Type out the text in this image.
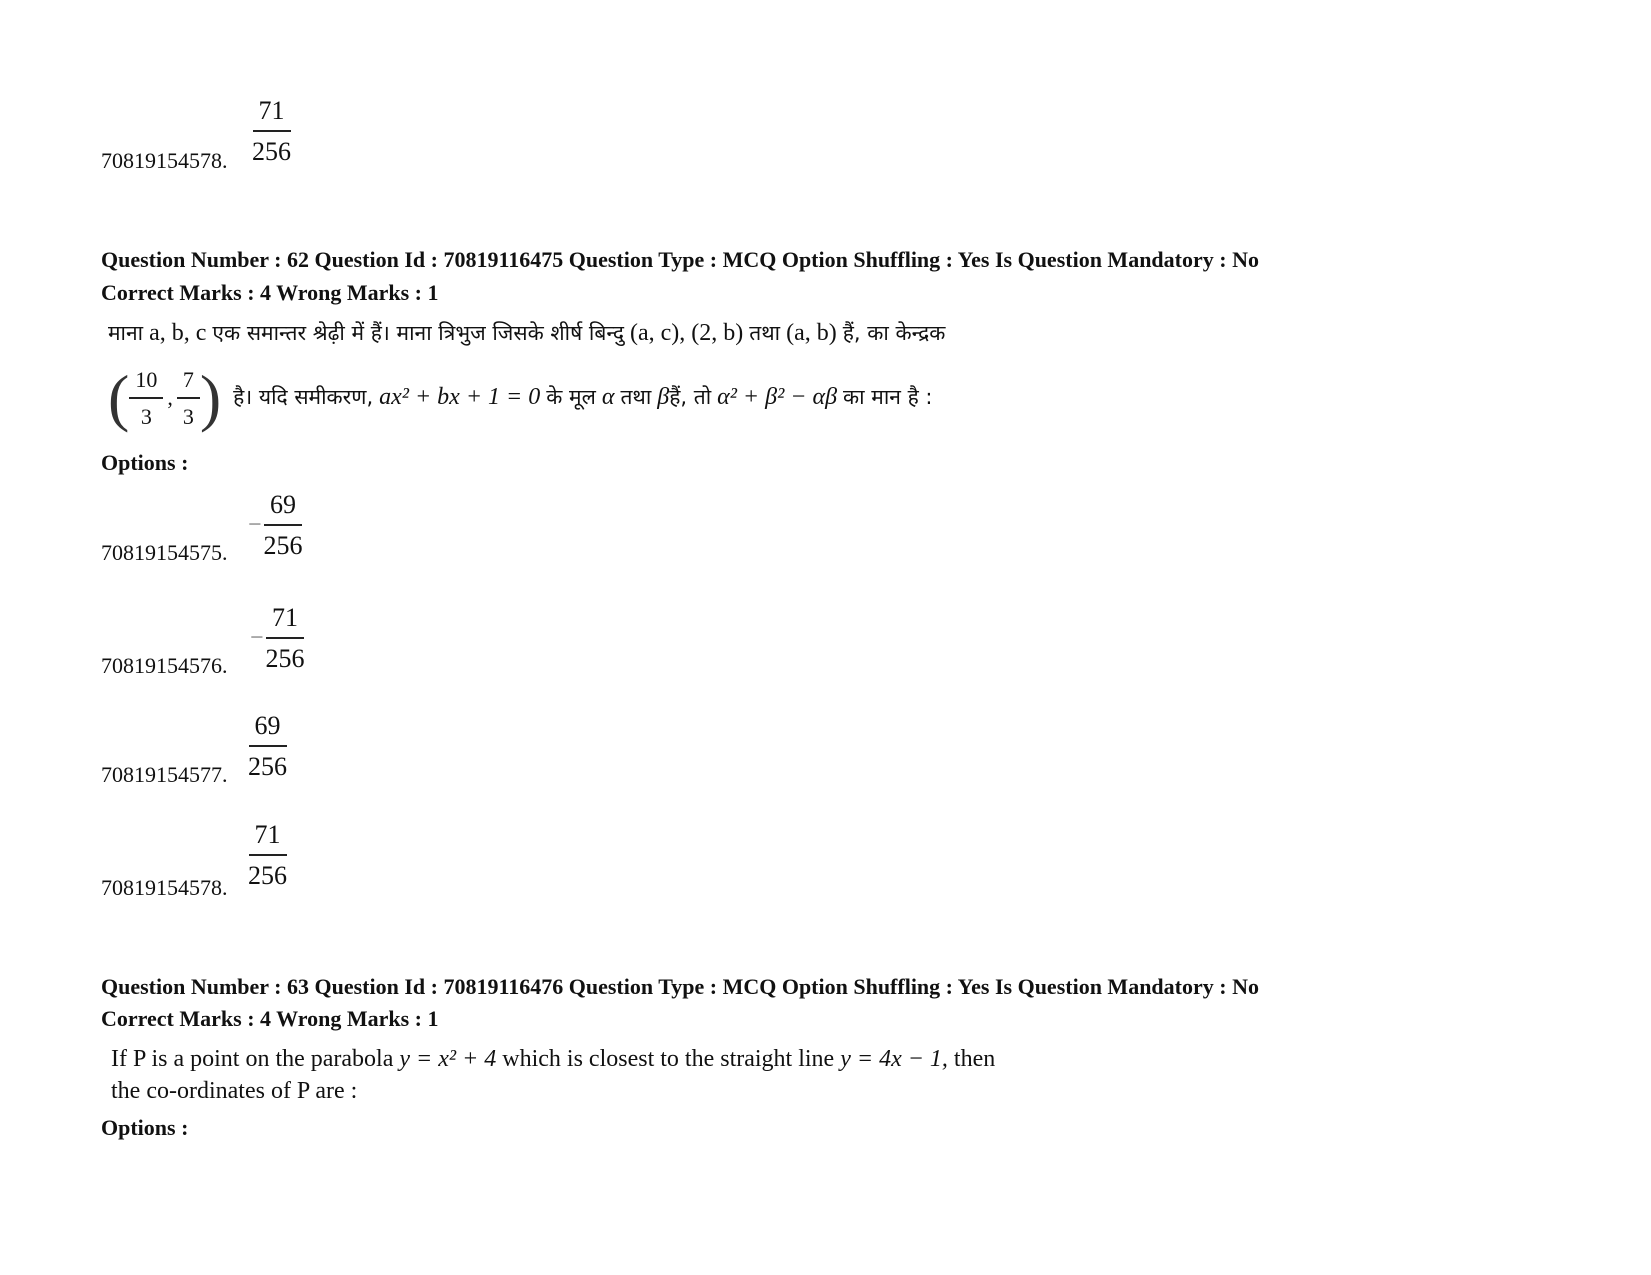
$\frac{71}{256}$
70819154578.
Question Number : 62 Question Id : 70819116475 Question Type : MCQ Option Shuffling : Yes Is Question Mandatory : No
Correct Marks : 4 Wrong Marks : 1
माना a, b, c एक समान्तर श्रेढ़ी में हैं। माना त्रिभुज जिसके शीर्ष बिन्दु (a, c), (2, b) तथा (a, b) हैं, का केन्द्रक
( $\frac{10}{3}$ , $\frac{7}{3}$ ) है। यदि समीकरण, ax² + bx + 1 = 0 के मूल α तथा βहैं, तो α² + β² − αβ का मान है :
Options :
− $\frac{69}{256}$
70819154575.
− $\frac{71}{256}$
70819154576.
$\frac{69}{256}$
70819154577.
$\frac{71}{256}$
70819154578.
Question Number : 63 Question Id : 70819116476 Question Type : MCQ Option Shuffling : Yes Is Question Mandatory : No
Correct Marks : 4 Wrong Marks : 1
If P is a point on the parabola y = x² + 4 which is closest to the straight line y = 4x − 1, then
the co-ordinates of P are :
Options :
